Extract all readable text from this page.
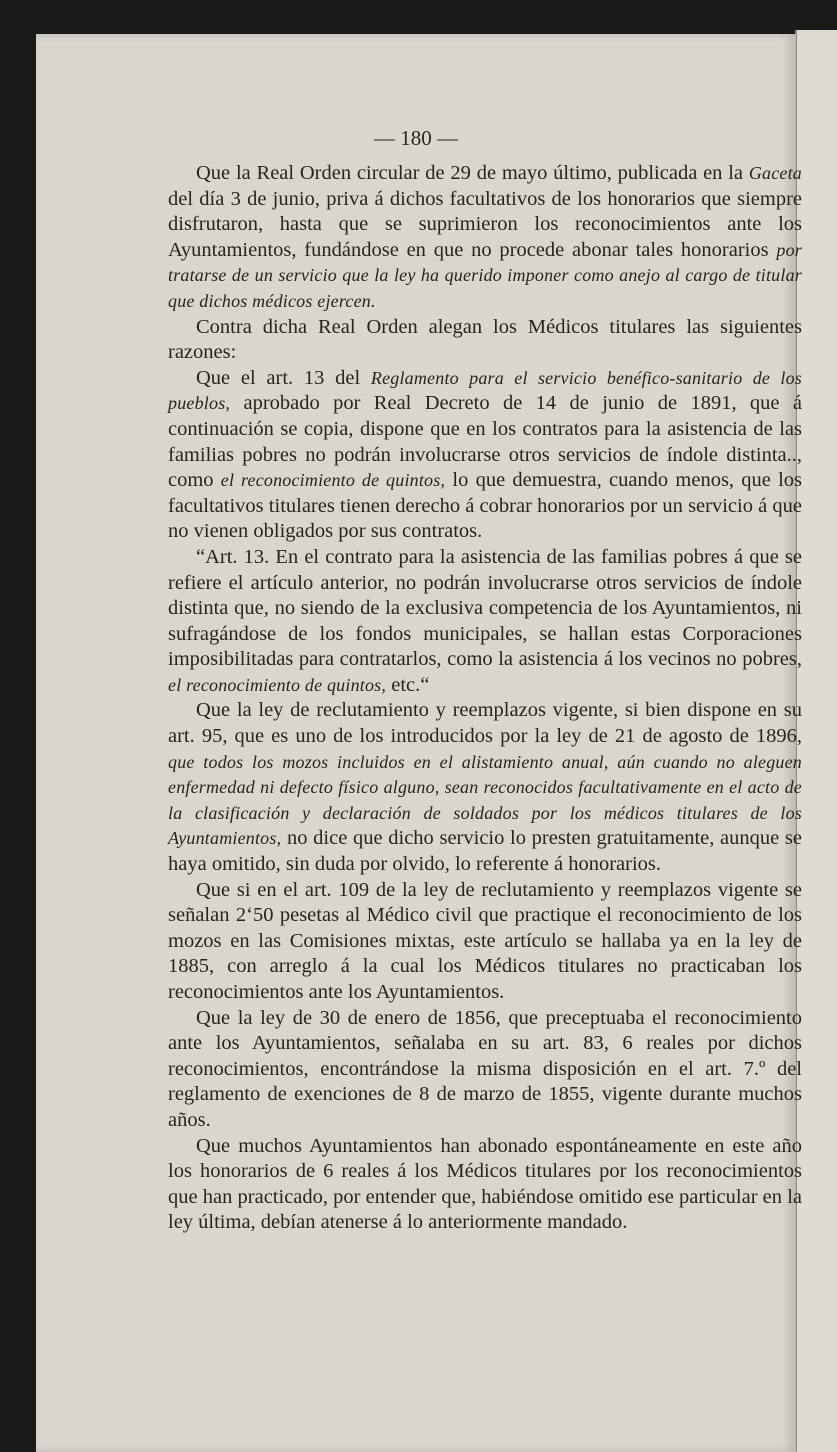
— 180 —

Que la Real Orden circular de 29 de mayo último, publicada en la Gaceta del día 3 de junio, priva á dichos facultativos de los honorarios que siempre disfrutaron, hasta que se suprimieron los reconocimientos ante los Ayuntamientos, fundándose en que no procede abonar tales honorarios por tratarse de un servicio que la ley ha querido imponer como anejo al cargo de titular que dichos médicos ejercen.

Contra dicha Real Orden alegan los Médicos titulares las siguientes razones:

Que el art. 13 del Reglamento para el servicio benéfico-sanitario de los pueblos, aprobado por Real Decreto de 14 de junio de 1891, que á continuación se copia, dispone que en los contratos para la asistencia de las familias pobres no podrán involucrarse otros servicios de índole distinta.., como el reconocimiento de quintos, lo que demuestra, cuando menos, que los facultativos titulares tienen derecho á cobrar honorarios por un servicio á que no vienen obligados por sus contratos.

“Art. 13. En el contrato para la asistencia de las familias pobres á que se refiere el artículo anterior, no podrán involucrarse otros servicios de índole distinta que, no siendo de la exclusiva competencia de los Ayuntamientos, ni sufragándose de los fondos municipales, se hallan estas Corporaciones imposibilitadas para contratarlos, como la asistencia á los vecinos no pobres, el reconocimiento de quintos, etc.“

Que la ley de reclutamiento y reemplazos vigente, si bien dispone en su art. 95, que es uno de los introducidos por la ley de 21 de agosto de 1896, que todos los mozos incluidos en el alistamiento anual, aún cuando no aleguen enfermedad ni defecto físico alguno, sean reconocidos facultativamente en el acto de la clasificación y declaración de soldados por los médicos titulares de los Ayuntamientos, no dice que dicho servicio lo presten gratuitamente, aunque se haya omitido, sin duda por olvido, lo referente á honorarios.

Que si en el art. 109 de la ley de reclutamiento y reemplazos vigente se señalan 2‘50 pesetas al Médico civil que practique el reconocimiento de los mozos en las Comisiones mixtas, este artículo se hallaba ya en la ley de 1885, con arreglo á la cual los Médicos titulares no practicaban los reconocimientos ante los Ayuntamientos.

Que la ley de 30 de enero de 1856, que preceptuaba el reconocimiento ante los Ayuntamientos, señalaba en su art. 83, 6 reales por dichos reconocimientos, encontrándose la misma disposición en el art. 7.º del reglamento de exenciones de 8 de marzo de 1855, vigente durante muchos años.

Que muchos Ayuntamientos han abonado espontáneamente en este año los honorarios de 6 reales á los Médicos titulares por los reconocimientos que han practicado, por entender que, habiéndose omitido ese particular en la ley última, debían atenerse á lo anteriormente mandado.
